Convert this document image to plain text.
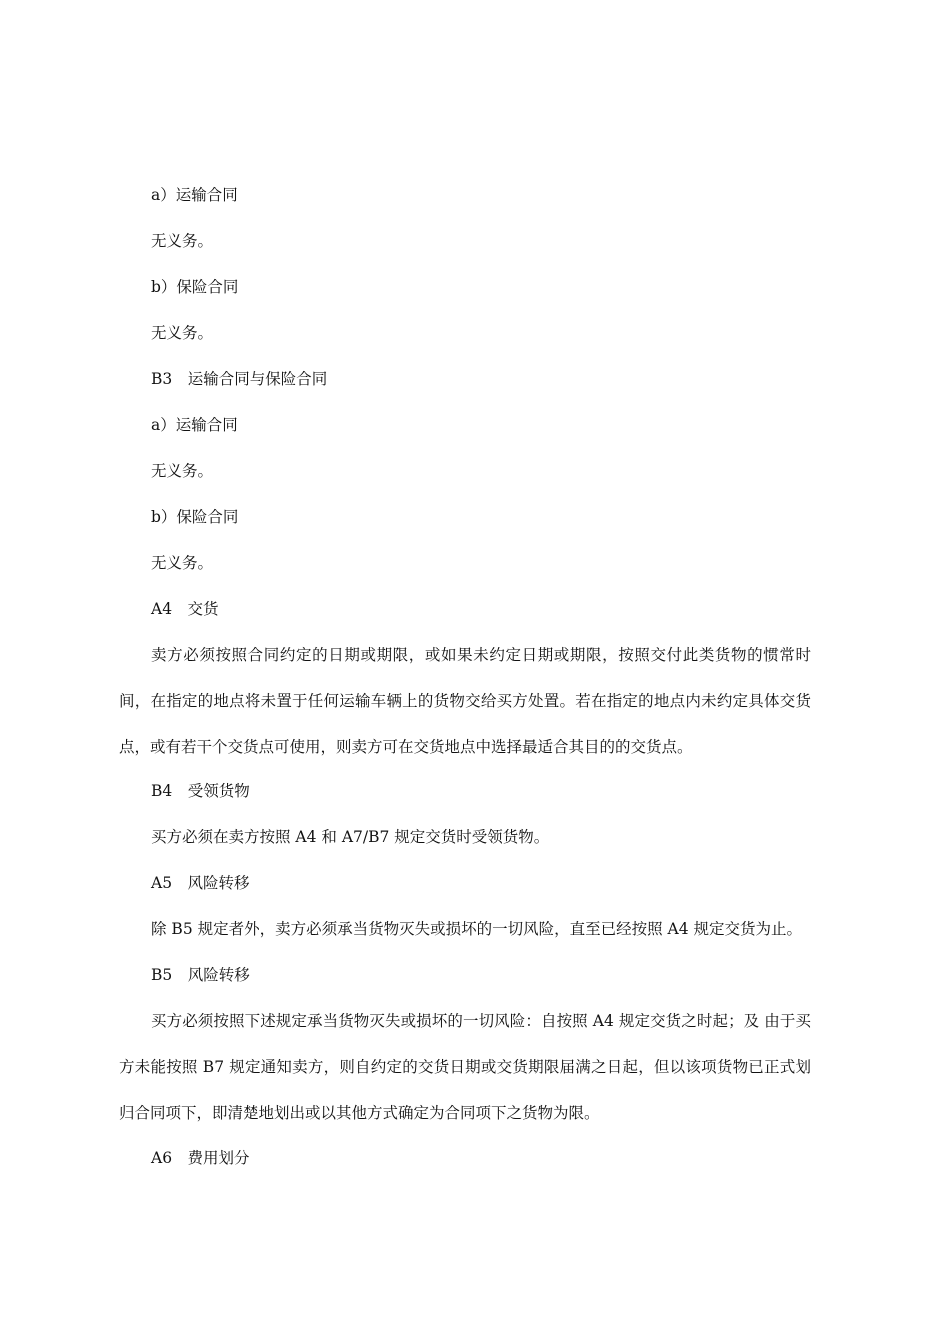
a）运输合同
无义务。
b）保险合同
无义务。
B3　运输合同与保险合同
a）运输合同
无义务。
b）保险合同
无义务。
A4　交货
卖方必须按照合同约定的日期或期限，或如果未约定日期或期限，按照交付此类货物的惯常时间，在指定的地点将未置于任何运输车辆上的货物交给买方处置。若在指定的地点内未约定具体交货点，或有若干个交货点可使用，则卖方可在交货地点中选择最适合其目的的交货点。
B4　受领货物
买方必须在卖方按照 A4 和 A7/B7 规定交货时受领货物。
A5　风险转移
除 B5 规定者外，卖方必须承当货物灭失或损坏的一切风险，直至已经按照 A4 规定交货为止。
B5　风险转移
买方必须按照下述规定承当货物灭失或损坏的一切风险：自按照 A4 规定交货之时起；及 由于买方未能按照 B7 规定通知卖方，则自约定的交货日期或交货期限届满之日起，但以该项货物已正式划归合同项下，即清楚地划出或以其他方式确定为合同项下之货物为限。
A6　费用划分
